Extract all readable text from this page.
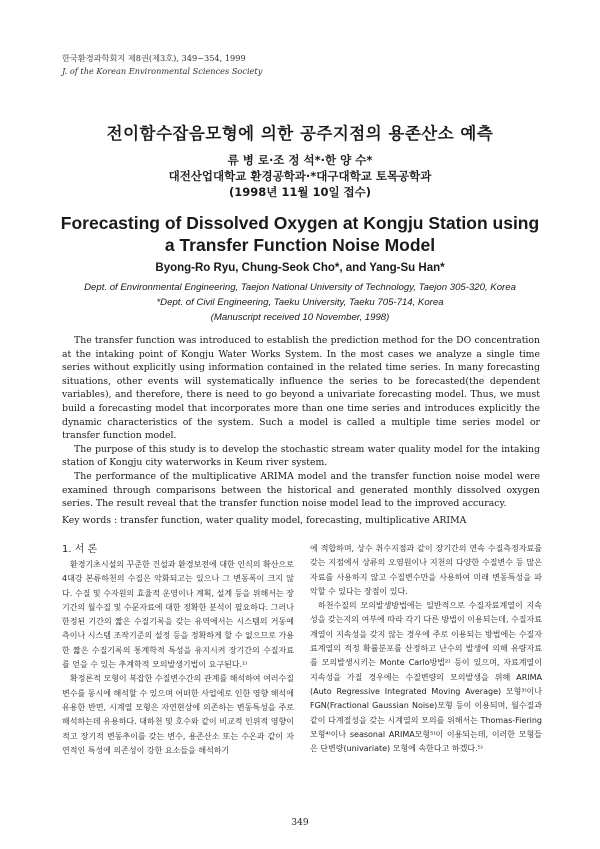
한국환경과학회지 제8권(제3호), 349~354, 1999
J. of the Korean Environmental Sciences Society
전이함수잡음모형에 의한 공주지점의 용존산소 예측
류 병 로·조 정 석*·한 양 수*
대전산업대학교 환경공학과·*대구대학교 토목공학과
(1998년 11월 10일 접수)
Forecasting of Dissolved Oxygen at Kongju Station using
a Transfer Function Noise Model
Byong-Ro Ryu, Chung-Seok Cho*, and Yang-Su Han*
Dept. of Environmental Engineering, Taejon National University of Technology, Taejon 305-320, Korea
*Dept. of Civil Engineering, Taeku University, Taeku 705-714, Korea
(Manuscript received 10 November, 1998)

The transfer function was introduced to establish the prediction method for the DO concentration at the intaking point of Kongju Water Works System. In the most cases we analyze a single time series without explicitly using information contained in the related time series. In many forecasting situations, other events will systematically influence the series to be forecasted(the dependent variables), and therefore, there is need to go beyond a univariate forecasting model. Thus, we must build a forecasting model that incorporates more than one time series and introduces explicitly the dynamic characteristics of the system. Such a model is called a multiple time series model or transfer function model.

The purpose of this study is to develop the stochastic stream water quality model for the intaking station of Kongju city waterworks in Keum river system.

The performance of the multiplicative ARIMA model and the transfer function noise model were examined through comparisons between the historical and generated monthly dissolved oxygen series. The result reveal that the transfer function noise model lead to the improved accuracy.

Key words : transfer function, water quality model, forecasting, multiplicative ARIMA
1. 서 론

환경기초시설의 꾸준한 건설과 환경보전에 대한 인식의 확산으로 4대강 본류하천의 수질은 악화되고는 있으나 그 변동폭이 크지 않다. 수질 및 수자원의 효율적 운영이나 계획, 설계 등을 위해서는 장기간의 월수질 및 수문자료에 대한 정확한 분석이 필요하다. 그러나 한정된 기간의 짧은 수질기록을 갖는 유역에서는 시스템의 거동예측이나 시스템 조작기준의 설정 등을 정확하게 할 수 없으므로 가용한 짧은 수질기록의 통계학적 특성을 유지시켜 장기간의 수질자료를 얻을 수 있는 추계학적 모의발생기법이 요구된다.¹⁾

확정론적 모형이 복잡한 수질변수간의 관계를 해석하여 여러수질 변수를 동시에 해석할 수 있으며 어떠한 사업에로 인한 영향 해석에 유용한 반면, 시계열 모형은 자연현상에 의존하는 변동특성을 주로 해석하는데 유용하다. 대하천 및 호수와 같이 비교적 인위적 영향이 적고 장기적 변동추이를 갖는 변수, 용존산소 또는 수온과 같이 자연적인 특성에 의존성이 강한 요소들을 해석하기

에 적합하며, 상수 취수지점과 같이 장기간의 연속 수질측정자료를 갖는 지점에서 상류의 오염원이나 지천의 다양한 수질변수 등 많은 자료를 사용하지 않고 수질변수만을 사용하여 미래 변동특성을 파악할 수 있다는 장점이 있다.

하천수질의 모의발생방법에는 일반적으로 수질자료계열이 지속성을 갖는지의 여부에 따라 각기 다른 방법이 이용되는데, 수질자료계열이 지속성을 갖지 않는 경우에 주로 이용되는 방법에는 수질자료계열의 적정 확률분포를 산정하고 난수의 발생에 의해 유량자료를 모의발생시키는 Monte Carlo방법²⁾ 등이 있으며, 자료계열이 지속성을 가질 경우에는 수질변량의 모의발생을 위해 ARIMA (Auto Regressive Integrated Moving Average) 모형³⁾이나 FGN(Fractional Gaussian Noise)모형 등이 이용되며, 월수질과 같이 다계절성을 갖는 시계열의 모의를 위해서는 Thomas-Fiering모형⁴⁾이나 seasonal ARIMA모형⁵⁾이 이용되는데, 이러한 모형들은 단변량(univariate) 모형에 속한다고 하겠다.⁵⁾

349
